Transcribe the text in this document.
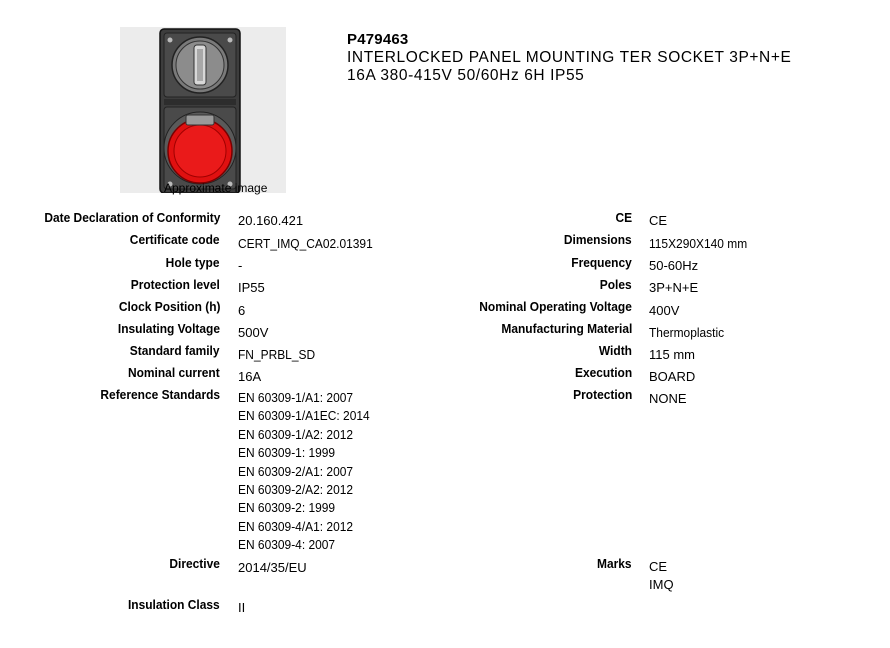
Approximate image
P479463
INTERLOCKED PANEL MOUNTING TER SOCKET 3P+N+E
16A 380-415V 50/60Hz 6H IP55
Date Declaration of Conformity 20.160.421
Certificate code CERT_IMQ_CA02.01391
Hole type -
Protection level IP55
Clock Position (h) 6
Insulating Voltage 500V
Standard family FN_PRBL_SD
Nominal current 16A
Reference Standards EN 60309-1/A1: 2007
EN 60309-1/A1EC: 2014
EN 60309-1/A2: 2012
EN 60309-1: 1999
EN 60309-2/A1: 2007
EN 60309-2/A2: 2012
EN 60309-2: 1999
EN 60309-4/A1: 2012
EN 60309-4: 2007
Directive 2014/35/EU
Insulation Class II
CE CE
Dimensions 115X290X140 mm
Frequency 50-60Hz
Poles 3P+N+E
Nominal Operating Voltage 400V
Manufacturing Material Thermoplastic
Width 115 mm
Execution BOARD
Protection NONE
Marks CE
IMQ
